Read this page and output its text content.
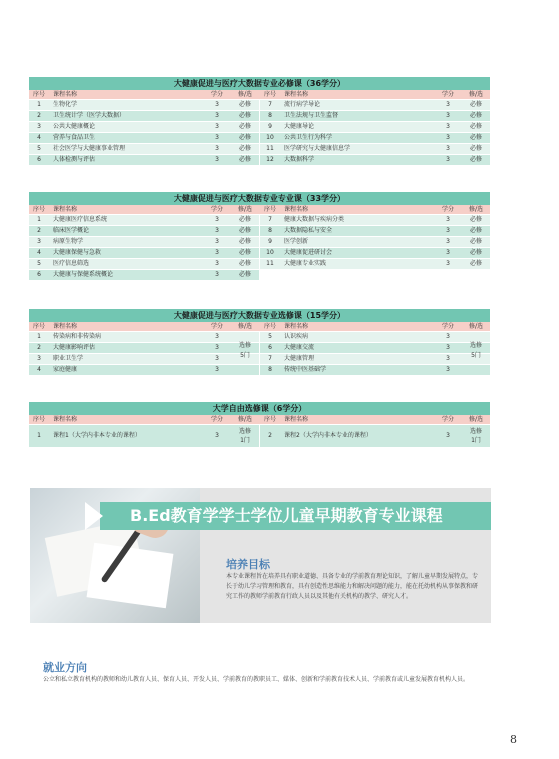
大健康促进与医疗大数据专业必修课（36学分）
序号	课程名称	学分	修/选	序号	课程名称	学分	修/选
1	生物化学	3	必修
2	卫生统计学（医学大数据）	3	必修
3	公共大健康概论	3	必修
4	营养与食品卫生	3	必修
5	社会医学与大健康事业管理	3	必修
6	人体检测与评估	3	必修
7	流行病学导论	3	必修
8	卫生法规与卫生监督	3	必修
9	大健康导论	3	必修
10	公共卫生行为科学	3	必修
11	医学研究与大健康信息学	3	必修
12	大数据科学	3	必修
大健康促进与医疗大数据专业专业课（33学分）
序号	课程名称	学分	修/选	序号	课程名称	学分	修/选
1	大健康医疗信息系统	3	必修
2	临床医学概论	3	必修
3	病原生物学	3	必修
4	大健康保健与急救	3	必修
5	医疗信息筛选	3	必修
6	大健康与保健系统概论	3	必修
7	健康大数据与疾病分类	3	必修
8	大数据隐私与安全	3	必修
9	医学创新	3	必修
10	大健康促进研讨会	3	必修
11	大健康专业实践	3	必修
大健康促进与医疗大数据专业选修课（15学分）
序号	课程名称	学分	修/选	序号	课程名称	学分	修/选
1	传染病和非传染病	3
2	大健康影响评估	3
3	职业卫生学	3
4	家庭健康	3
选修
5门
5	认识疾病	3
6	大健康交流	3
7	大健康管理	3
8	传统中医基础学	3
选修
5门
大学自由选修课（6学分）
序号	课程名称	学分	修/选	序号	课程名称	学分	修/选
1	课程1（大学内非本专业的课程）	3
选修
1门
2	课程2（大学内非本专业的课程）	3
选修
1门
B.Ed教育学学士学位儿童早期教育专业课程
培养目标
本专业课程旨在培养具有职业道德、具备专业的学前教育理论知识，了解儿童早期发展特点，专长于幼儿学习管理和教育，具有创造性思维能力和解决问题的能力，能在托幼机构从事保教和研究工作的教师学前教育行政人员以及其他有关机构的教学、研究人才。
就业方向
公立和私立教育机构的教师和幼儿教育人员、保育人员、开发人员、学前教育的教职员工、媒体、创新和学前教育技术人员、学前教育或儿童发展教育机构人员。
8
